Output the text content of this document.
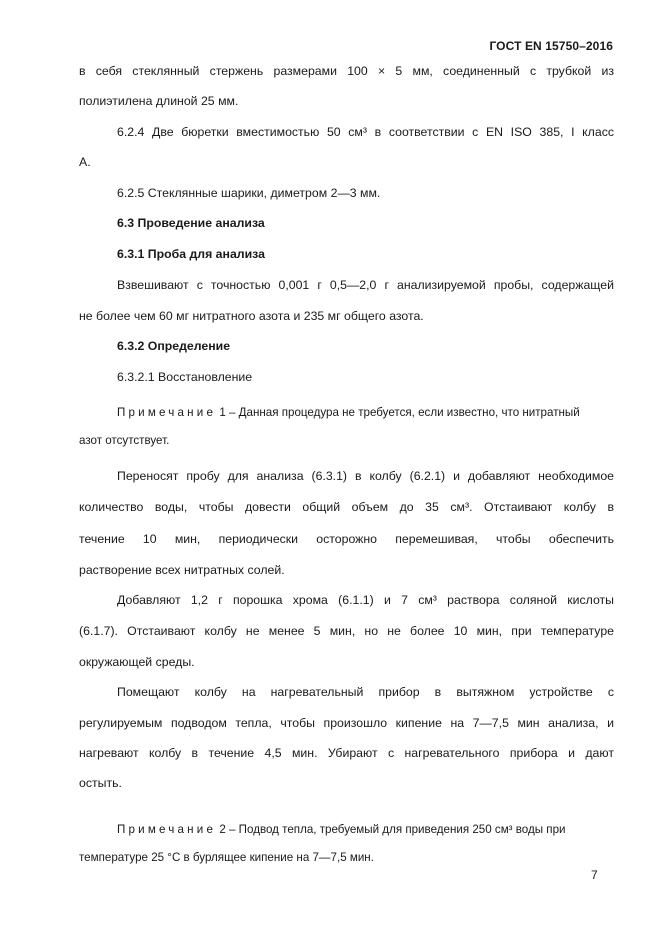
ГОСТ EN 15750–2016
в себя стеклянный стержень размерами 100 × 5 мм, соединенный с трубкой из
полиэтилена длиной 25 мм.
6.2.4 Две бюретки вместимостью 50 см³ в соответствии с EN ISO 385, I класс
А.
6.2.5 Стеклянные шарики, диметром 2—3 мм.
6.3 Проведение анализа
6.3.1 Проба для анализа
Взвешивают с точностью 0,001 г 0,5—2,0 г анализируемой пробы, содержащей
не более чем 60 мг нитратного азота и 235 мг общего азота.
6.3.2 Определение
6.3.2.1 Восстановление
Примечание 1 – Данная процедура не требуется, если известно, что нитратный
азот отсутствует.
Переносят пробу для анализа (6.3.1) в колбу (6.2.1) и добавляют необходимое
количество воды, чтобы довести общий объем до 35 см³. Отстаивают колбу в
течение 10 мин, периодически осторожно перемешивая, чтобы обеспечить
растворение всех нитратных солей.
Добавляют 1,2 г порошка хрома (6.1.1) и 7 см³ раствора соляной кислоты
(6.1.7). Отстаивают колбу не менее 5 мин, но не более 10 мин, при температуре
окружающей среды.
Помещают колбу на нагревательный прибор в вытяжном устройстве с
регулируемым подводом тепла, чтобы произошло кипение на 7—7,5 мин анализа, и
нагревают колбу в течение 4,5 мин. Убирают с нагревательного прибора и дают
остыть.
Примечание 2 – Подвод тепла, требуемый для приведения 250 см³ воды при
температуре 25 °С в бурлящее кипение на 7—7,5 мин.
7
